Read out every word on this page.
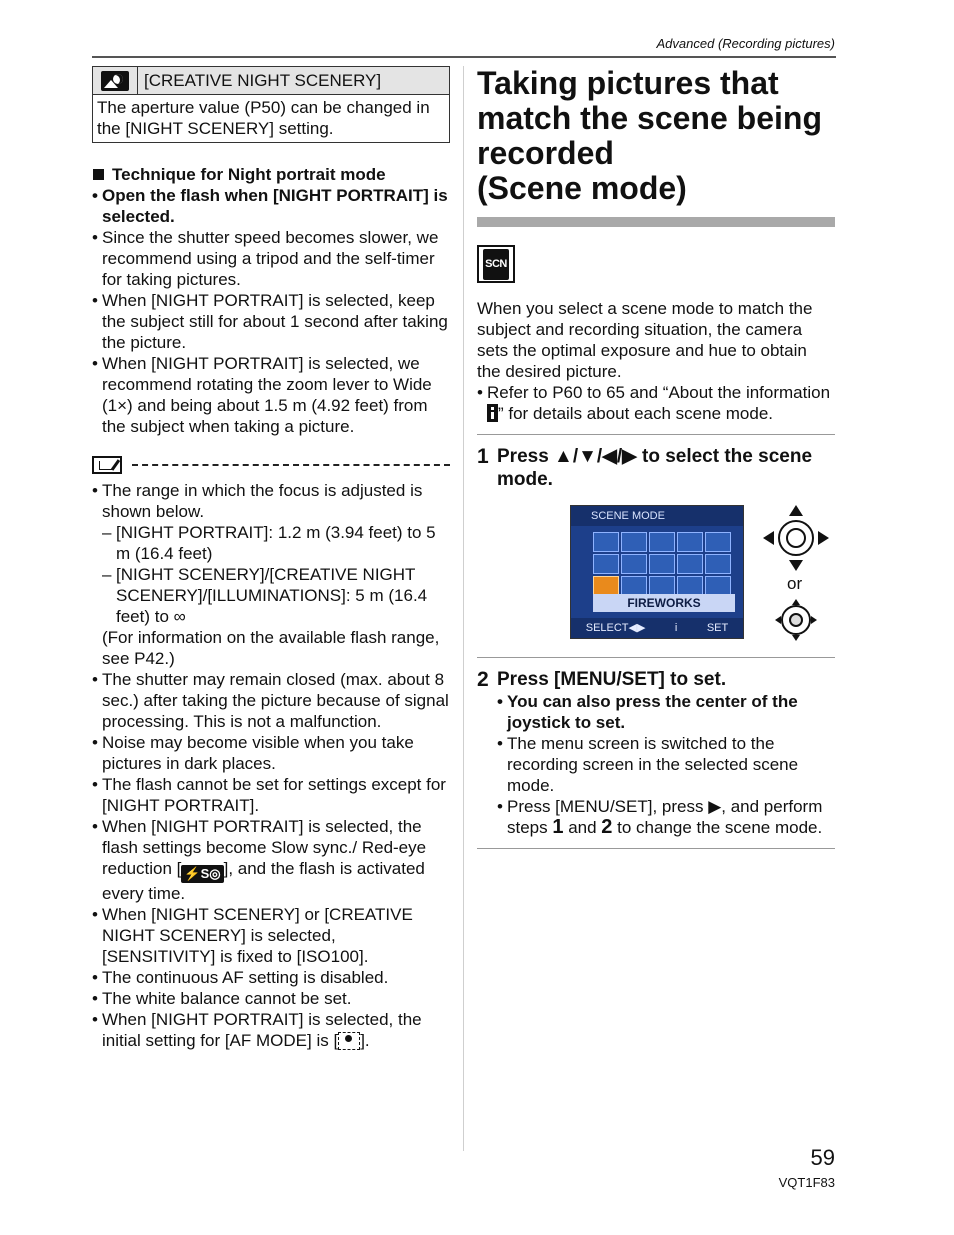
Advanced (Recording pictures)
[CREATIVE NIGHT SCENERY]
The aperture value (P50) can be changed in the [NIGHT SCENERY] setting.
Technique for Night portrait mode
• Open the flash when [NIGHT PORTRAIT] is selected.
• Since the shutter speed becomes slower, we recommend using a tripod and the self-timer for taking pictures.
• When [NIGHT PORTRAIT] is selected, keep the subject still for about 1 second after taking the picture.
• When [NIGHT PORTRAIT] is selected, we recommend rotating the zoom lever to Wide (1×) and being about 1.5 m (4.92 feet) from the subject when taking a picture.
• The range in which the focus is adjusted is shown below.
– [NIGHT PORTRAIT]: 1.2 m (3.94 feet) to 5 m (16.4 feet)
– [NIGHT SCENERY]/[CREATIVE NIGHT SCENERY]/[ILLUMINATIONS]: 5 m (16.4 feet) to ∞
(For information on the available flash range, see P42.)
• The shutter may remain closed (max. about 8 sec.) after taking the picture because of signal processing. This is not a malfunction.
• Noise may become visible when you take pictures in dark places.
• The flash cannot be set for settings except for [NIGHT PORTRAIT].
• When [NIGHT PORTRAIT] is selected, the flash settings become Slow sync./ Red-eye reduction [ ⚡S◎ ], and the flash is activated every time.
• When [NIGHT SCENERY] or [CREATIVE NIGHT SCENERY] is selected, [SENSITIVITY] is fixed to [ISO100].
• The continuous AF setting is disabled.
• The white balance cannot be set.
• When [NIGHT PORTRAIT] is selected, the initial setting for [AF MODE] is [ ].
Taking pictures that
match the scene being
recorded
(Scene mode)
SCN
When you select a scene mode to match the subject and recording situation, the camera sets the optimal exposure and hue to obtain the desired picture.
• Refer to P60 to 65 and “About the information ” for details about each scene mode.
1 Press ▲/▼/◀/▶ to select the scene mode.
SCENE MODE
FIREWORKS
SELECT◀▶	i	SET
or
2 Press [MENU/SET] to set.
• You can also press the center of the joystick to set.
• The menu screen is switched to the recording screen in the selected scene mode.
• Press [MENU/SET], press ▶, and perform steps 1 and 2 to change the scene mode.
59
VQT1F83
